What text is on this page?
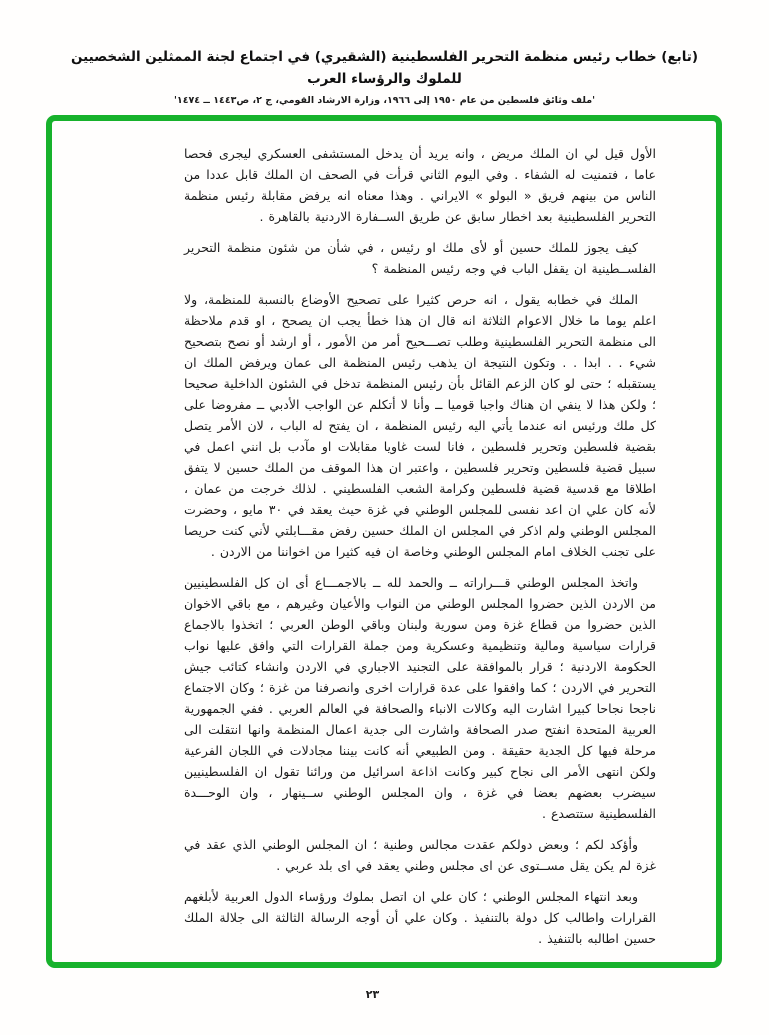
(تابع) خطاب رئيس منظمة التحرير الفلسطينية (الشقيري) في اجتماع لجنة الممثلين الشخصيين للملوك والرؤساء العرب
'ملف وثائق فلسطين من عام ١٩٥٠ إلى ١٩٦٦، وزارة الارشاد القومي، ج ٢، ص١٤٤٣ ــ ١٤٧٤'

الأول قيل لي ان الملك مريض ، وانه يريد أن يدخل المستشفى العسكري ليجرى فحصا عاما ، فتمنيت له الشفاء . وفي اليوم الثاني قرأت في الصحف ان الملك قابل عددا من الناس من بينهم فريق « البولو » الايراني . وهذا معناه انه يرفض مقابلة رئيس منظمة التحرير الفلسطينية بعد اخطار سابق عن طريق الســفارة الاردنية بالقاهرة .

كيف يجوز للملك حسين أو لأى ملك او رئيس ، في شأن من شئون منظمة التحرير الفلســطينية ان يقفل الباب في وجه رئيس المنظمة ؟

الملك في خطابه يقول ، انه حرص كثيرا على تصحيح الأوضاع بالنسبة للمنظمة، ولا اعلم يوما ما خلال الاعوام الثلاثة انه قال ان هذا خطأ يجب ان يصحح ، او قدم ملاحظة الى منظمة التحرير الفلسطينية وطلب تصـــحيح أمر من الأمور ، أو ارشد أو نصح بتصحيح شيء . . ابدا . . وتكون النتيجة ان يذهب رئيس المنظمة الى عمان ويرفض الملك ان يستقبله ؛ حتى لو كان الزعم القائل بأن رئيس المنظمة تدخل في الشئون الداخلية صحيحا ؛ ولكن هذا لا ينفي ان هناك واجبا قوميا ــ وأنا لا أتكلم عن الواجب الأدبي ــ مفروضا على كل ملك ورئيس انه عندما يأتي اليه رئيس المنظمة ، ان يفتح له الباب ، لان الأمر يتصل بقضية فلسطين وتحرير فلسطين ، فانا لست غاويا مقابلات او مآدب بل انني اعمل في سبيل قضية فلسطين وتحرير فلسطين ، واعتبر ان هذا الموقف من الملك حسين لا يتفق اطلاقا مع قدسية قضية فلسطين وكرامة الشعب الفلسطيني . لذلك خرجت من عمان ، لأنه كان علي ان اعد نفسى للمجلس الوطني في غزة حيث يعقد في ٣٠ مايو ، وحضرت المجلس الوطني ولم اذكر في المجلس ان الملك حسين رفض مقـــابلتي لأني كنت حريصا على تجنب الخلاف امام المجلس الوطني وخاصة ان فيه كثيرا من اخواننا من الاردن .

واتخذ المجلس الوطني قـــراراته ــ والحمد لله ــ بالاجمـــاع أى ان كل الفلسطينيين من الاردن الذين حضروا المجلس الوطني من النواب والأعيان وغيرهم ، مع باقي الاخوان الذين حضروا من قطاع غزة ومن سورية ولبنان وباقي الوطن العربي ؛ اتخذوا بالاجماع قرارات سياسية ومالية وتنظيمية وعسكرية ومن جملة القرارات التي وافق عليها نواب الحكومة الاردنية ؛ قرار بالموافقة على التجنيد الاجباري في الاردن وانشاء كتائب جيش التحرير في الاردن ؛ كما وافقوا على عدة قرارات اخرى وانصرفنا من غزة ؛ وكان الاجتماع ناجحا نجاحا كبيرا اشارت اليه وكالات الانباء والصحافة في العالم العربي . ففي الجمهورية العربية المتحدة انفتح صدر الصحافة واشارت الى جدية اعمال المنظمة وانها انتقلت الى مرحلة فيها كل الجدية حقيقة . ومن الطبيعي أنه كانت بيننا مجادلات في اللجان الفرعية ولكن انتهى الأمر الى نجاح كبير وكانت اذاعة اسرائيل من ورائنا تقول ان الفلسطينيين سيضرب بعضهم بعضا في غزة ، وان المجلس الوطني ســينهار ، وان الوحـــدة الفلسطينية ستتصدع .

وأؤكد لكم ؛ وبعض دولكم عقدت مجالس وطنية ؛ ان المجلس الوطني الذي عقد في غزة لم يكن يقل مســتوى عن اى مجلس وطني يعقد في اى بلد عربي .

وبعد انتهاء المجلس الوطني ؛ كان علي ان اتصل بملوك ورؤساء الدول العربية لأبلغهم القرارات واطالب كل دولة بالتنفيذ . وكان علي أن أوجه الرسالة الثالثة الى جلالة الملك حسين اطالبه بالتنفيذ .

٢٣
